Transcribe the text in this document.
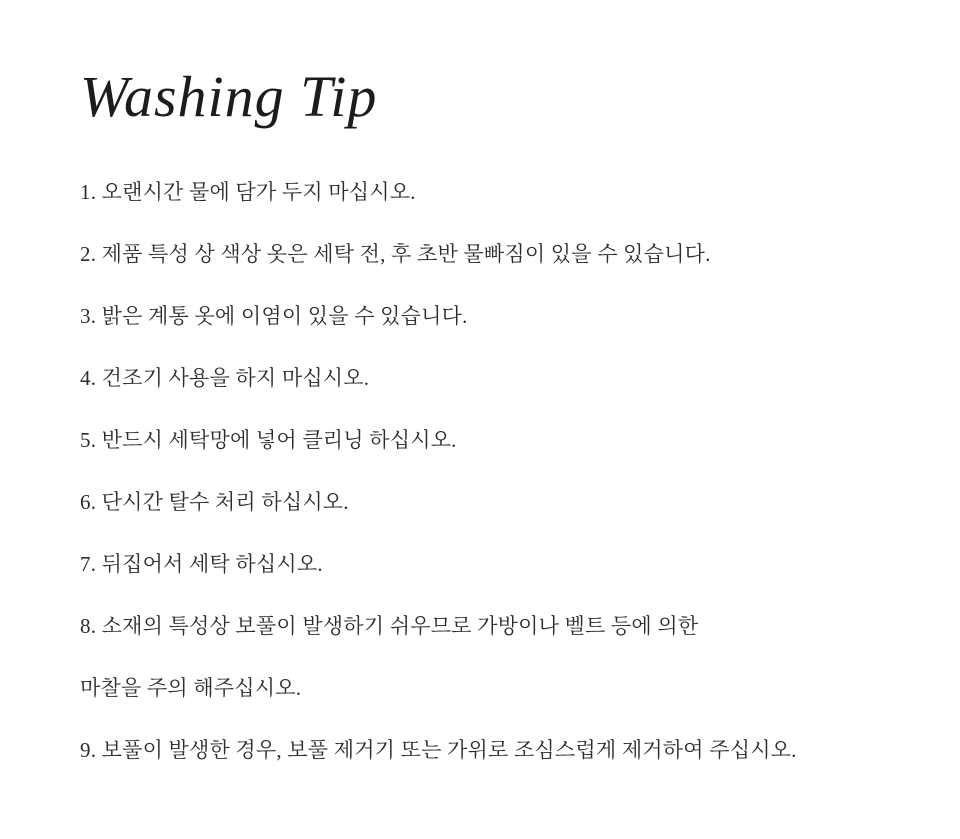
Washing Tip

1. 오랜시간 물에 담가 두지 마십시오.

2. 제품 특성 상 색상 옷은 세탁 전, 후 초반 물빠짐이 있을 수 있습니다.

3. 밝은 계통 옷에 이염이 있을 수 있습니다.

4. 건조기 사용을 하지 마십시오.

5. 반드시 세탁망에 넣어 클리닝 하십시오.

6. 단시간 탈수 처리 하십시오.

7. 뒤집어서 세탁 하십시오.

8. 소재의 특성상 보풀이 발생하기 쉬우므로 가방이나 벨트 등에 의한

마찰을 주의 해주십시오.

9. 보풀이 발생한 경우, 보풀 제거기 또는 가위로 조심스럽게 제거하여 주십시오.
